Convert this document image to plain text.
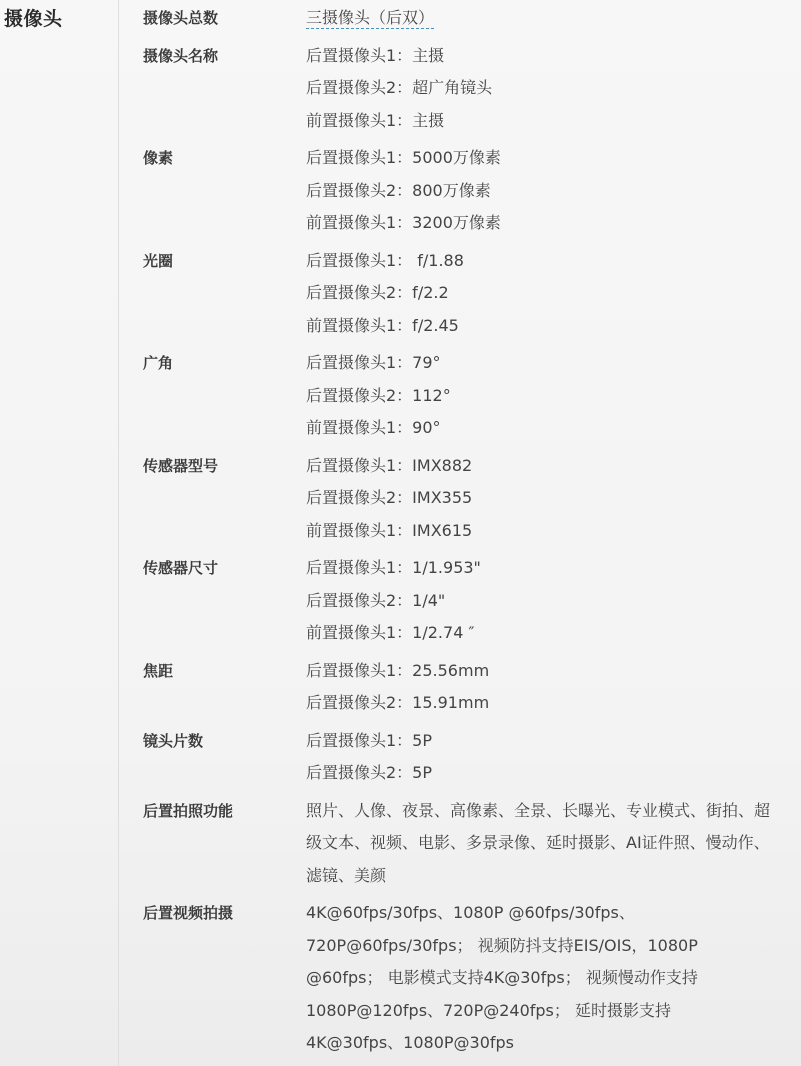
摄像头	摄像头总数	三摄像头（后双）
摄像头名称	后置摄像头1：主摄
后置摄像头2：超广角镜头
前置摄像头1：主摄
像素	后置摄像头1：5000万像素
后置摄像头2：800万像素
前置摄像头1：3200万像素
光圈	后置摄像头1： f/1.88
后置摄像头2：f/2.2
前置摄像头1：f/2.45
广角	后置摄像头1：79°
后置摄像头2：112°
前置摄像头1：90°
传感器型号	后置摄像头1：IMX882
后置摄像头2：IMX355
前置摄像头1：IMX615
传感器尺寸	后置摄像头1：1/1.953"
后置摄像头2：1/4"
前置摄像头1：1/2.74 ″
焦距	后置摄像头1：25.56mm
后置摄像头2：15.91mm
镜头片数	后置摄像头1：5P
后置摄像头2：5P
后置拍照功能	照片、人像、夜景、高像素、全景、长曝光、专业模式、街拍、超级文本、视频、电影、多景录像、延时摄影、AI证件照、慢动作、滤镜、美颜
后置视频拍摄	4K@60fps/30fps、1080P @60fps/30fps、720P@60fps/30fps； 视频防抖支持EIS/OIS，1080P @60fps； 电影模式支持4K@30fps； 视频慢动作支持 1080P@120fps、720P@240fps； 延时摄影支持 4K@30fps、1080P@30fps
